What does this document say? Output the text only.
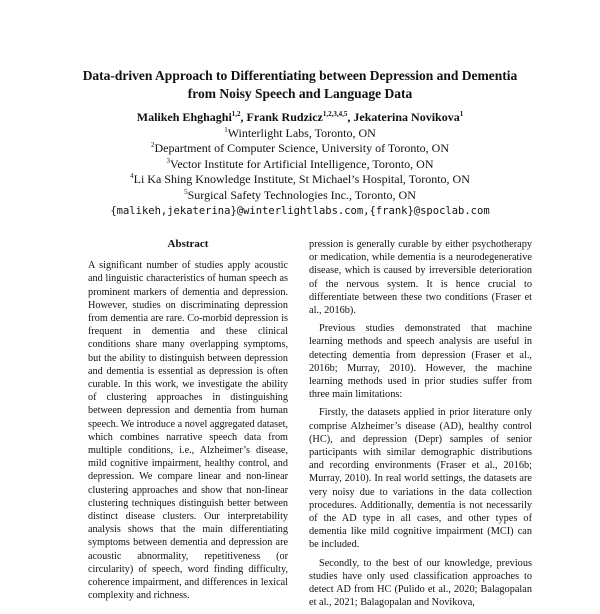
Data-driven Approach to Differentiating between Depression and Dementia
from Noisy Speech and Language Data
Malikeh Ehghaghi$^{1,2}$, Frank Rudzicz$^{1,2,3,4,5}$, Jekaterina Novikova$^1$
$^1$Winterlight Labs, Toronto, ON
$^2$Department of Computer Science, University of Toronto, ON
$^3$Vector Institute for Artificial Intelligence, Toronto, ON
$^4$Li Ka Shing Knowledge Institute, St Michael’s Hospital, Toronto, ON
$^5$Surgical Safety Technologies Inc., Toronto, ON
{malikeh,jekaterina}@winterlightlabs.com,{frank}@spoclab.com
Abstract

A significant number of studies apply acoustic and linguistic characteristics of human speech as prominent markers of dementia and depression. However, studies on discriminating depression from dementia are rare. Co-morbid depression is frequent in dementia and these clinical conditions share many overlapping symptoms, but the ability to distinguish between depression and dementia is essential as depression is often curable. In this work, we investigate the ability of clustering approaches in distinguishing between depression and dementia from human speech. We introduce a novel aggregated dataset, which combines narrative speech data from multiple conditions, i.e., Alzheimer’s disease, mild cognitive impairment, healthy control, and depression. We compare linear and non-linear clustering approaches and show that non-linear clustering techniques distinguish better between distinct disease clusters. Our interpretability analysis shows that the main differentiating symptoms between dementia and depression are acoustic abnormality, repetitiveness (or circularity) of speech, word finding difficulty, coherence impairment, and differences in lexical complexity and richness.

pression is generally curable by either psychotherapy or medication, while dementia is a neurodegenerative disease, which is caused by irreversible deterioration of the nervous system. It is hence crucial to differentiate between these two conditions (Fraser et al., 2016b).

Previous studies demonstrated that machine learning methods and speech analysis are useful in detecting dementia from depression (Fraser et al., 2016b; Murray, 2010). However, the machine learning methods used in prior studies suffer from three main limitations:

Firstly, the datasets applied in prior literature only comprise Alzheimer’s disease (AD), healthy control (HC), and depression (Depr) samples of senior participants with similar demographic distributions and recording environments (Fraser et al., 2016b; Murray, 2010). In real world settings, the datasets are very noisy due to variations in the data collection procedures. Additionally, dementia is not necessarily of the AD type in all cases, and other types of dementia like mild cognitive impairment (MCI) can be included.

Secondly, to the best of our knowledge, previous studies have only used classification approaches to detect AD from HC (Pulido et al., 2020; Balagopalan et al., 2021; Balagopalan and Novikova,
